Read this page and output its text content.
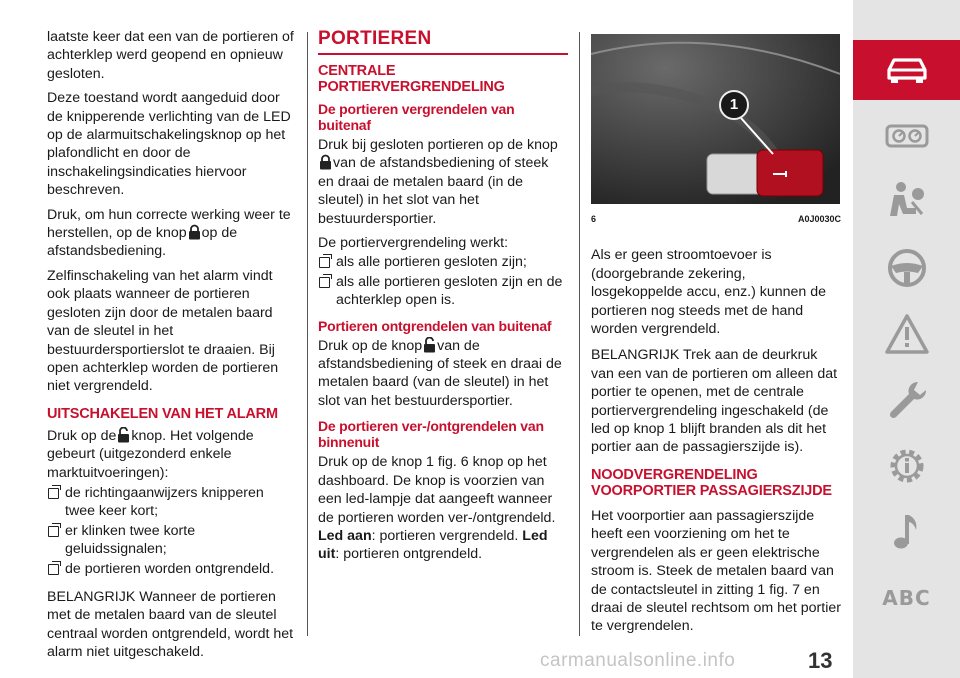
laatste keer dat een van de portieren of achterklep werd geopend en opnieuw gesloten.

Deze toestand wordt aangeduid door de knipperende verlichting van de LED op de alarmuitschakelingsknop op het plafondlicht en door de inschakelingsindicaties hiervoor beschreven.

Druk, om hun correcte werking weer te herstellen, op de knop op de afstandsbediening.

Zelfinschakeling van het alarm vindt ook plaats wanneer de portieren gesloten zijn door de metalen baard van de sleutel in het bestuurdersportierslot te draaien. Bij open achterklep worden de portieren niet vergrendeld.

UITSCHAKELEN VAN HET ALARM

Druk op de knop. Het volgende gebeurt (uitgezonderd enkele marktuitvoeringen):

de richtingaanwijzers knipperen twee keer kort;
er klinken twee korte geluidssignalen;
de portieren worden ontgrendeld.

BELANGRIJK Wanneer de portieren met de metalen baard van de sleutel centraal worden ontgrendeld, wordt het alarm niet uitgeschakeld.

PORTIEREN
CENTRALE PORTIERVERGRENDELING
De portieren vergrendelen van buitenaf

Druk bij gesloten portieren op de knopvan de afstandsbediening of steek en draai de metalen baard (in de sleutel) in het slot van het bestuurdersportier.

De portiervergrendeling werkt:

als alle portieren gesloten zijn;
als alle portieren gesloten zijn en de achterklep open is.
Portieren ontgrendelen van buitenaf

Druk op de knop van de afstandsbediening of steek en draai de metalen baard (van de sleutel) in het slot van het bestuurdersportier.

De portieren ver-/ontgrendelen van binnenuit

Druk op de knop 1 fig. 6 knop op het dashboard. De knop is voorzien van een led-lampje dat aangeeft wanneer de portieren worden ver-/ontgrendeld. Led aan: portieren vergrendeld. Led uit: portieren ontgrendeld.

1
6	A0J0030C

Als er geen stroomtoevoer is (doorgebrande zekering, losgekoppelde accu, enz.) kunnen de portieren nog steeds met de hand worden vergrendeld.

BELANGRIJK Trek aan de deurkruk van een van de portieren om alleen dat portier te openen, met de centrale portiervergrendeling ingeschakeld (de led op knop 1 blijft branden als dit het portier aan de passagierszijde is).

NOODVERGRENDELING VOORPORTIER PASSAGIERSZIJDE

Het voorportier aan passagierszijde heeft een voorziening om het te vergrendelen als er geen elektrische stroom is. Steek de metalen baard van de contactsleutel in zitting 1 fig. 7 en draai de sleutel rechtsom om het portier te vergrendelen.

ABC
carmanualsonline.info	13
